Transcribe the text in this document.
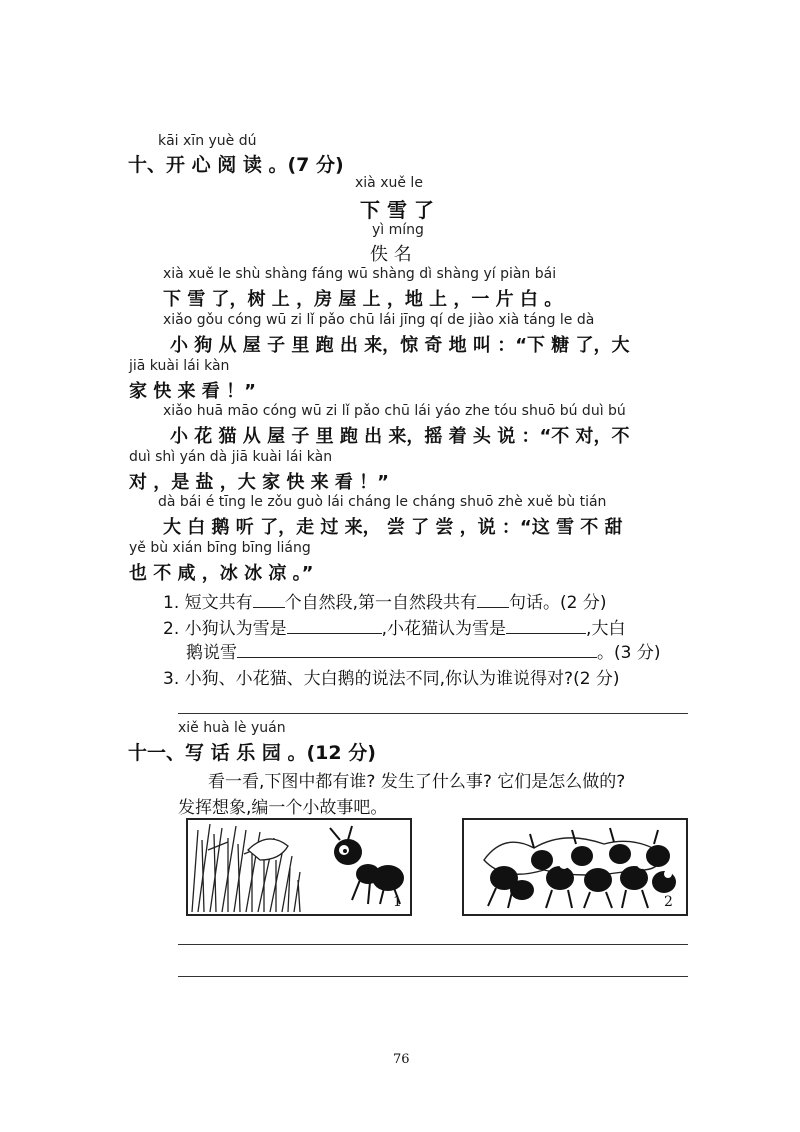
kāi xīn yuè dú
十、开 心 阅 读 。(7 分)
xià xuě le
下 雪 了
yì míng
佚 名
xià xuě le shù shàng fáng wū shàng dì shàng yí piàn bái
下 雪 了，树 上 ，房 屋 上 ，地 上 ，一 片 白 。
xiǎo gǒu cóng wū zi lǐ pǎo chū lái jīng qí de jiào xià táng le dà
小 狗 从 屋 子 里 跑 出 来，惊 奇 地 叫 ：“下 糖 了，大
jiā kuài lái kàn
家 快 来 看 ！”
xiǎo huā māo cóng wū zi lǐ pǎo chū lái yáo zhe tóu shuō bú duì bú
小 花 猫 从 屋 子 里 跑 出 来，摇 着 头 说 ：“不 对，不
duì shì yán dà jiā kuài lái kàn
对 ，是 盐 ，大 家 快 来 看 ！”
dà bái é tīng le zǒu guò lái cháng le cháng shuō zhè xuě bù tián
大 白 鹅 听 了，走 过 来， 尝 了 尝 ，说 ：“这 雪 不 甜
yě bù xián bīng bīng liáng
也 不 咸 ，冰 冰 凉 。”
1. 短文共有 个自然段,第一自然段共有 句话。(2 分)
2. 小狗认为雪是	,小花猫认为雪是	,大白
鹅说雪	。(3 分)
3. 小狗、小花猫、大白鹅的说法不同,你认为谁说得对?(2 分)
xiě huà lè yuán
十一、写 话 乐 园 。(12 分)
看一看,下图中都有谁? 发生了什么事? 它们是怎么做的?
发挥想象,编一个小故事吧。
1	2
76
